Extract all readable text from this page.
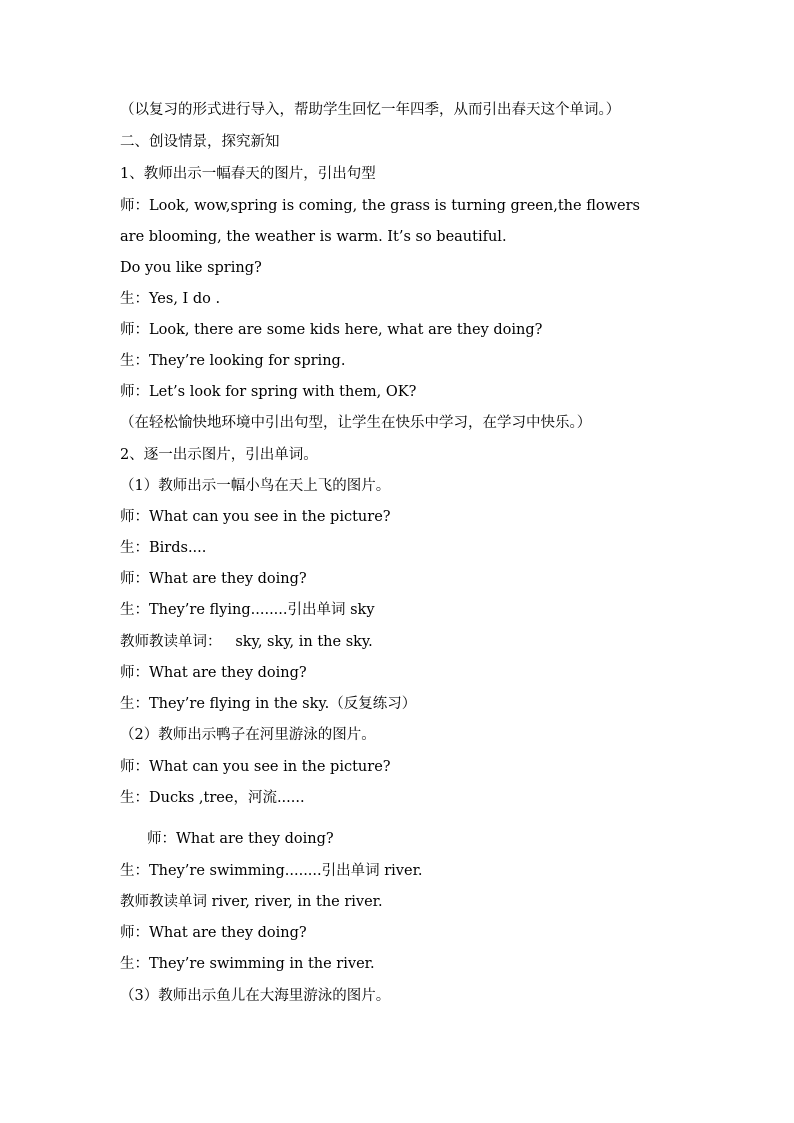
（以复习的形式进行导入，帮助学生回忆一年四季，从而引出春天这个单词。）
二、创设情景，探究新知
1、教师出示一幅春天的图片，引出句型
师：Look, wow,spring is coming, the grass is turning green,the flowers
are blooming, the weather is warm. It’s so beautiful.
Do you like spring?
生：Yes, I do .
师：Look, there are some kids here, what are they doing?
生：They’re looking for spring.
师：Let’s look for spring with them, OK?
（在轻松愉快地环境中引出句型，让学生在快乐中学习，在学习中快乐。）
2、逐一出示图片，引出单词。
（1）教师出示一幅小鸟在天上飞的图片。
师：What can you see in the picture?
生：Birds....
师：What are they doing?
生：They’re flying........引出单词 sky
教师教读单词：   sky, sky, in the sky.
师：What are they doing?
生：They’re flying in the sky.（反复练习）
（2）教师出示鸭子在河里游泳的图片。
师：What can you see in the picture?
生：Ducks ,tree，河流......
师：What are they doing?
生：They’re swimming........引出单词 river.
教师教读单词 river, river, in the river.
师：What are they doing?
生：They’re swimming in the river.
（3）教师出示鱼儿在大海里游泳的图片。
